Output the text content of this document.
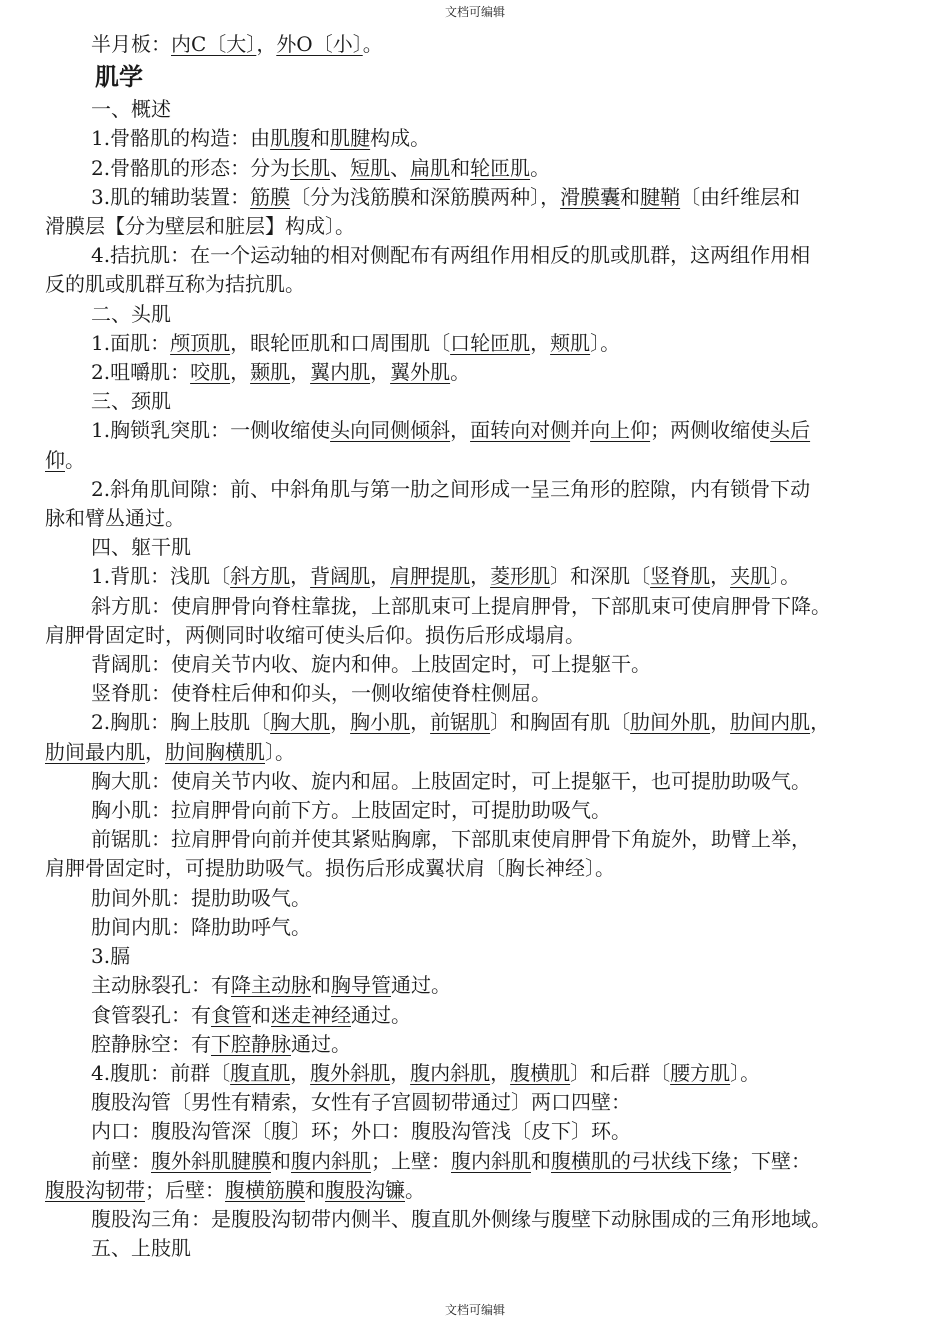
文档可编辑
半月板：内C〔大〕，外O〔小〕。
肌学
一、概述
1.骨骼肌的构造：由肌腹和肌腱构成。
2.骨骼肌的形态：分为长肌、短肌、扁肌和轮匝肌。
3.肌的辅助装置：筋膜〔分为浅筋膜和深筋膜两种〕，滑膜囊和腱鞘〔由纤维层和
滑膜层【分为壁层和脏层】构成〕。
4.拮抗肌：在一个运动轴的相对侧配布有两组作用相反的肌或肌群，这两组作用相
反的肌或肌群互称为拮抗肌。
二、头肌
1.面肌：颅顶肌，眼轮匝肌和口周围肌〔口轮匝肌，颊肌〕。
2.咀嚼肌：咬肌，颞肌，翼内肌，翼外肌。
三、颈肌
1.胸锁乳突肌：一侧收缩使头向同侧倾斜，面转向对侧并向上仰；两侧收缩使头后
仰。
2.斜角肌间隙：前、中斜角肌与第一肋之间形成一呈三角形的腔隙，内有锁骨下动
脉和臂丛通过。
四、躯干肌
1.背肌：浅肌〔斜方肌，背阔肌，肩胛提肌，菱形肌〕和深肌〔竖脊肌，夹肌〕。
斜方肌：使肩胛骨向脊柱靠拢，上部肌束可上提肩胛骨，下部肌束可使肩胛骨下降。
肩胛骨固定时，两侧同时收缩可使头后仰。损伤后形成塌肩。
背阔肌：使肩关节内收、旋内和伸。上肢固定时，可上提躯干。
竖脊肌：使脊柱后伸和仰头，一侧收缩使脊柱侧屈。
2.胸肌：胸上肢肌〔胸大肌，胸小肌，前锯肌〕和胸固有肌〔肋间外肌，肋间内肌，
肋间最内肌，肋间胸横肌〕。
胸大肌：使肩关节内收、旋内和屈。上肢固定时，可上提躯干，也可提肋助吸气。
胸小肌：拉肩胛骨向前下方。上肢固定时，可提肋助吸气。
前锯肌：拉肩胛骨向前并使其紧贴胸廓，下部肌束使肩胛骨下角旋外，助臂上举，
肩胛骨固定时，可提肋助吸气。损伤后形成翼状肩〔胸长神经〕。
肋间外肌：提肋助吸气。
肋间内肌：降肋助呼气。
3.膈
主动脉裂孔：有降主动脉和胸导管通过。
食管裂孔：有食管和迷走神经通过。
腔静脉空：有下腔静脉通过。
4.腹肌：前群〔腹直肌，腹外斜肌，腹内斜肌，腹横肌〕和后群〔腰方肌〕。
腹股沟管〔男性有精索，女性有子宫圆韧带通过〕两口四壁：
内口：腹股沟管深〔腹〕环；外口：腹股沟管浅〔皮下〕环。
前壁：腹外斜肌腱膜和腹内斜肌；上壁：腹内斜肌和腹横肌的弓状线下缘；下壁：
腹股沟韧带；后壁：腹横筋膜和腹股沟镰。
腹股沟三角：是腹股沟韧带内侧半、腹直肌外侧缘与腹壁下动脉围成的三角形地域。
五、上肢肌
文档可编辑
